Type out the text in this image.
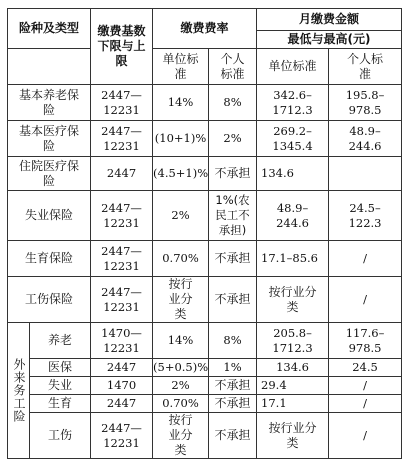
险种及类型		缴费基数下限与上限	缴费费率		月缴费金额	
					最低与最高(元)	
			单位标准	个人标准	单位标准	个人标准
基本养老保险		2447—12231	14%	8%	342.6–1712.3	195.8–978.5
基本医疗保险		2447—12231	(10+1)%	2%	269.2–1345.4	48.9–244.6
住院医疗保险		2447	(4.5+1)%	不承担	134.6	
失业保险		2447—12231	2%	1%(农民工不承担)	48.9–244.6	24.5–122.3
生育保险		2447—12231	0.70%	不承担	17.1–85.6	/
工伤保险		2447—12231	按行业分类	不承担	按行业分类	/
外来务工险	养老	1470—12231	14%	8%	205.8–1712.3	117.6–978.5
	医保	2447	(5+0.5)%	1%	134.6	24.5
	失业	1470	2%	不承担	29.4	/
	生育	2447	0.70%	不承担	17.1	/
	工伤	2447—12231	按行业分类	不承担	按行业分类	/
